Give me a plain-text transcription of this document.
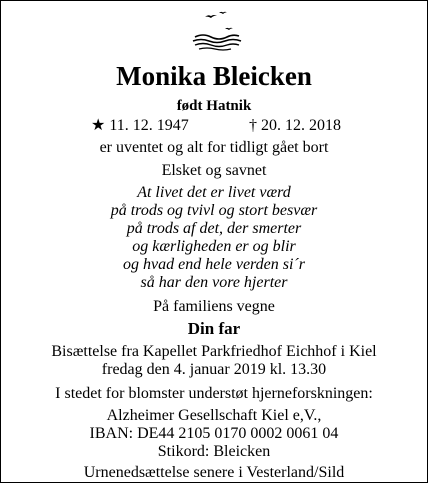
Monika Bleicken
født Hatnik
★ 11. 12. 1947	† 20. 12. 2018
er uventet og alt for tidligt gået bort
Elsket og savnet
At livet det er livet værd
på trods og tvivl og stort besvær
på trods af det, der smerter
og kærligheden er og blir
og hvad end hele verden si´r
så har den vore hjerter
På familiens vegne
Din far
Bisættelse fra Kapellet Parkfriedhof Eichhof i Kiel
fredag den 4. januar 2019 kl. 13.30
I stedet for blomster understøt hjerneforskningen:
Alzheimer Gesellschaft Kiel e,V.,
IBAN: DE44 2105 0170 0002 0061 04
Stikord: Bleicken
Urnenedsættelse senere i Vesterland/Sild
